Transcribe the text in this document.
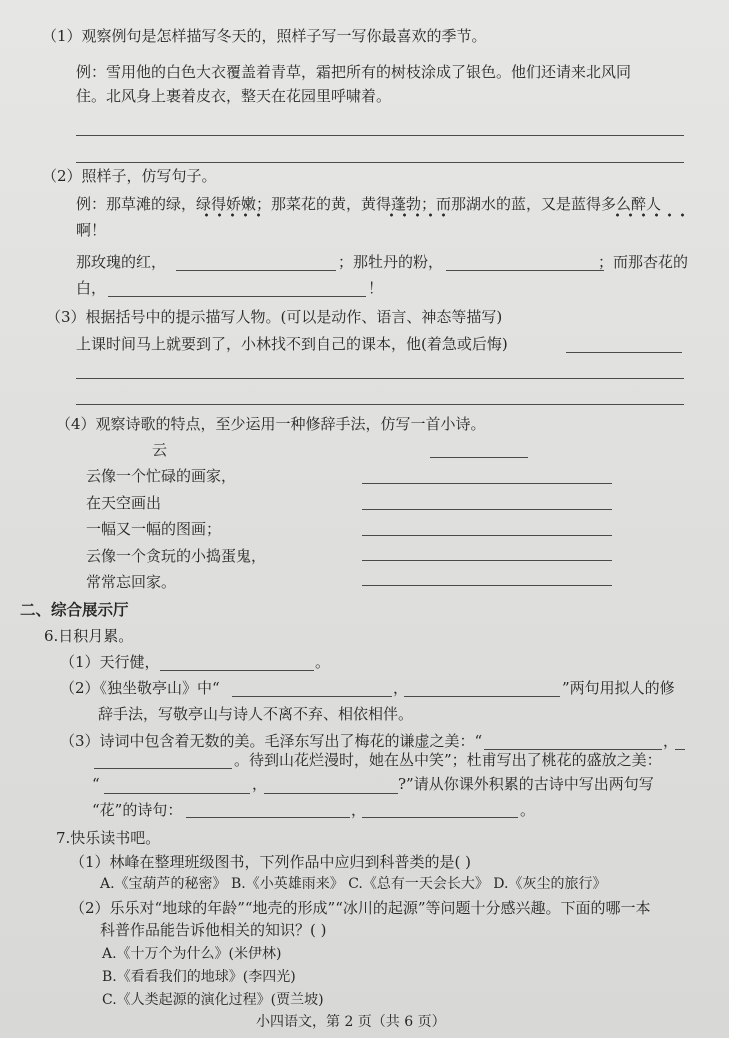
（1）观察例句是怎样描写冬天的，照样子写一写你最喜欢的季节。
例：雪用他的白色大衣覆盖着青草，霜把所有的树枝涂成了银色。他们还请来北风同
住。北风身上裹着皮衣，整天在花园里呼啸着。
（2）照样子，仿写句子。
例：那草滩的绿，绿得娇嫩；那菜花的黄，黄得蓬勃；而那湖水的蓝，又是蓝得多么醉人
啊！
那玫瑰的红，	；那牡丹的粉，	；而那杏花的
白，	！
（3）根据括号中的提示描写人物。(可以是动作、语言、神态等描写)
上课时间马上就要到了，小林找不到自己的课本，他(着急或后悔)
（4）观察诗歌的特点，至少运用一种修辞手法，仿写一首小诗。
云
云像一个忙碌的画家，
在天空画出
一幅又一幅的图画；
云像一个贪玩的小捣蛋鬼，
常常忘回家。
二、综合展示厅
6.日积月累。
（1）天行健，	。
（2）《独坐敬亭山》中“	，	”两句用拟人的修
辞手法，写敬亭山与诗人不离不弃、相依相伴。
（3）诗词中包含着无数的美。毛泽东写出了梅花的谦虚之美：“	，
。待到山花烂漫时，她在丛中笑”；杜甫写出了桃花的盛放之美：
“	，	?”请从你课外积累的古诗中写出两句写
“花”的诗句：	，	。
7.快乐读书吧。
（1）林峰在整理班级图书，下列作品中应归到科普类的是( )
A.《宝葫芦的秘密》 B.《小英雄雨来》 C.《总有一天会长大》 D.《灰尘的旅行》
（2）乐乐对“地球的年龄”“地壳的形成”“冰川的起源”等问题十分感兴趣。下面的哪一本
科普作品能告诉他相关的知识？( )
A.《十万个为什么》(米伊林)
B.《看看我们的地球》(李四光)
C.《人类起源的演化过程》(贾兰坡)
小四语文，第 2 页（共 6 页）
